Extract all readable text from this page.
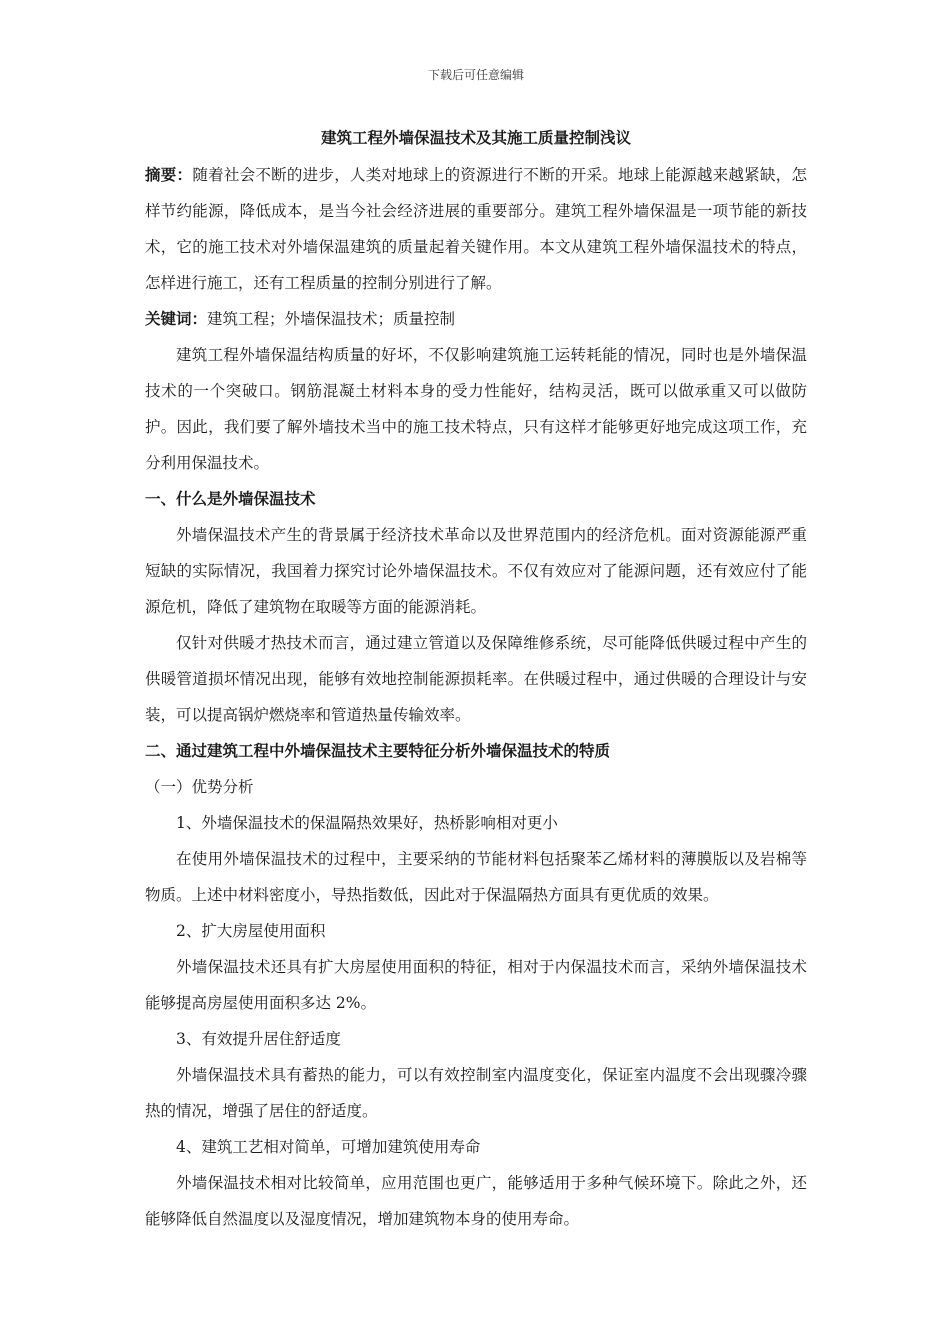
下载后可任意编辑
建筑工程外墙保温技术及其施工质量控制浅议

摘要：随着社会不断的进步，人类对地球上的资源进行不断的开采。地球上能源越来越紧缺，怎样节约能源，降低成本，是当今社会经济进展的重要部分。建筑工程外墙保温是一项节能的新技术，它的施工技术对外墙保温建筑的质量起着关键作用。本文从建筑工程外墙保温技术的特点，怎样进行施工，还有工程质量的控制分别进行了解。

关键词：建筑工程；外墙保温技术；质量控制

建筑工程外墙保温结构质量的好坏，不仅影响建筑施工运转耗能的情况，同时也是外墙保温技术的一个突破口。钢筋混凝土材料本身的受力性能好，结构灵活，既可以做承重又可以做防护。因此，我们要了解外墙技术当中的施工技术特点，只有这样才能够更好地完成这项工作，充分利用保温技术。

一、什么是外墙保温技术

外墙保温技术产生的背景属于经济技术革命以及世界范围内的经济危机。面对资源能源严重短缺的实际情况，我国着力探究讨论外墙保温技术。不仅有效应对了能源问题，还有效应付了能源危机，降低了建筑物在取暖等方面的能源消耗。

仅针对供暖才热技术而言，通过建立管道以及保障维修系统，尽可能降低供暖过程中产生的供暖管道损坏情况出现，能够有效地控制能源损耗率。在供暖过程中，通过供暖的合理设计与安装，可以提高锅炉燃烧率和管道热量传输效率。

二、通过建筑工程中外墙保温技术主要特征分析外墙保温技术的特质

（一）优势分析

1、外墙保温技术的保温隔热效果好，热桥影响相对更小

在使用外墙保温技术的过程中，主要采纳的节能材料包括聚苯乙烯材料的薄膜版以及岩棉等物质。上述中材料密度小，导热指数低，因此对于保温隔热方面具有更优质的效果。

2、扩大房屋使用面积

外墙保温技术还具有扩大房屋使用面积的特征，相对于内保温技术而言，采纳外墙保温技术能够提高房屋使用面积多达 2%。

3、有效提升居住舒适度

外墙保温技术具有蓄热的能力，可以有效控制室内温度变化，保证室内温度不会出现骤冷骤热的情况，增强了居住的舒适度。

4、建筑工艺相对简单，可增加建筑使用寿命

外墙保温技术相对比较简单，应用范围也更广，能够适用于多种气候环境下。除此之外，还能够降低自然温度以及湿度情况，增加建筑物本身的使用寿命。
